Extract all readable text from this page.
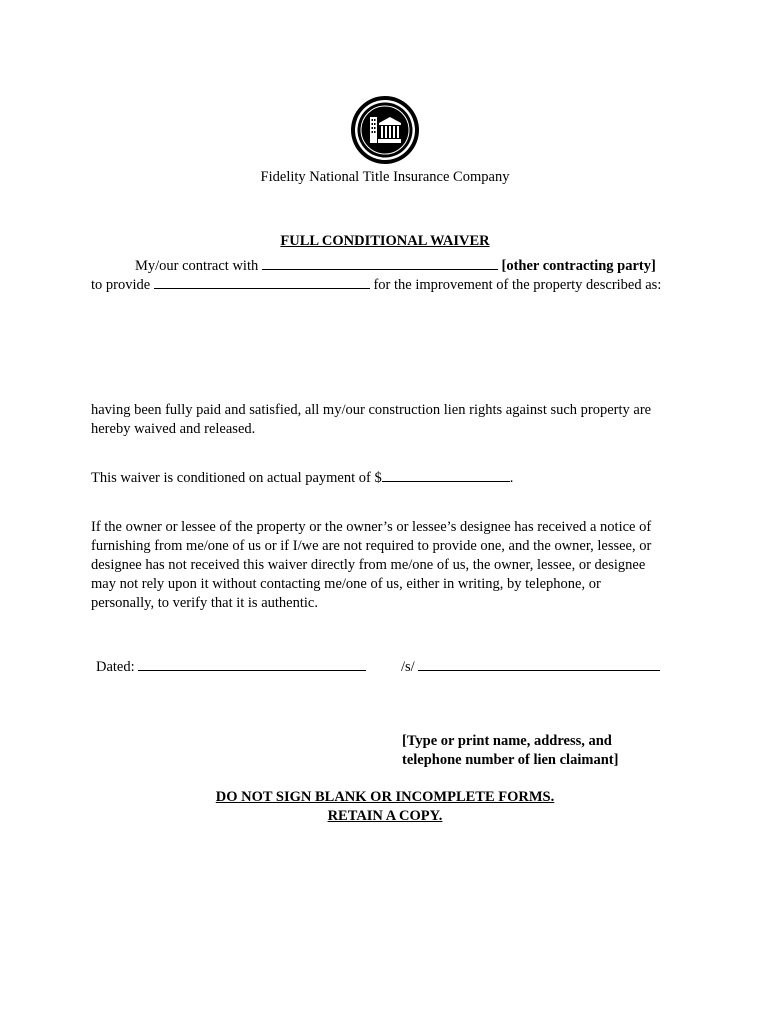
Fidelity National Title Insurance Company
FULL CONDITIONAL WAIVER
My/our contract with	[other contracting party]
to provide	for the improvement of the property described as:
having been fully paid and satisfied, all my/our construction lien rights against such property are
hereby waived and released.
This waiver is conditioned on actual payment of $	.
If the owner or lessee of the property or the owner’s or lessee’s designee has received a notice of
furnishing from me/one of us or if I/we are not required to provide one, and the owner, lessee, or
designee has not received this waiver directly from me/one of us, the owner, lessee, or designee
may not rely upon it without contacting me/one of us, either in writing, by telephone, or
personally, to verify that it is authentic.
Dated:	/s/
[Type or print name, address, and
telephone number of lien claimant]
DO NOT SIGN BLANK OR INCOMPLETE FORMS.
RETAIN A COPY.
